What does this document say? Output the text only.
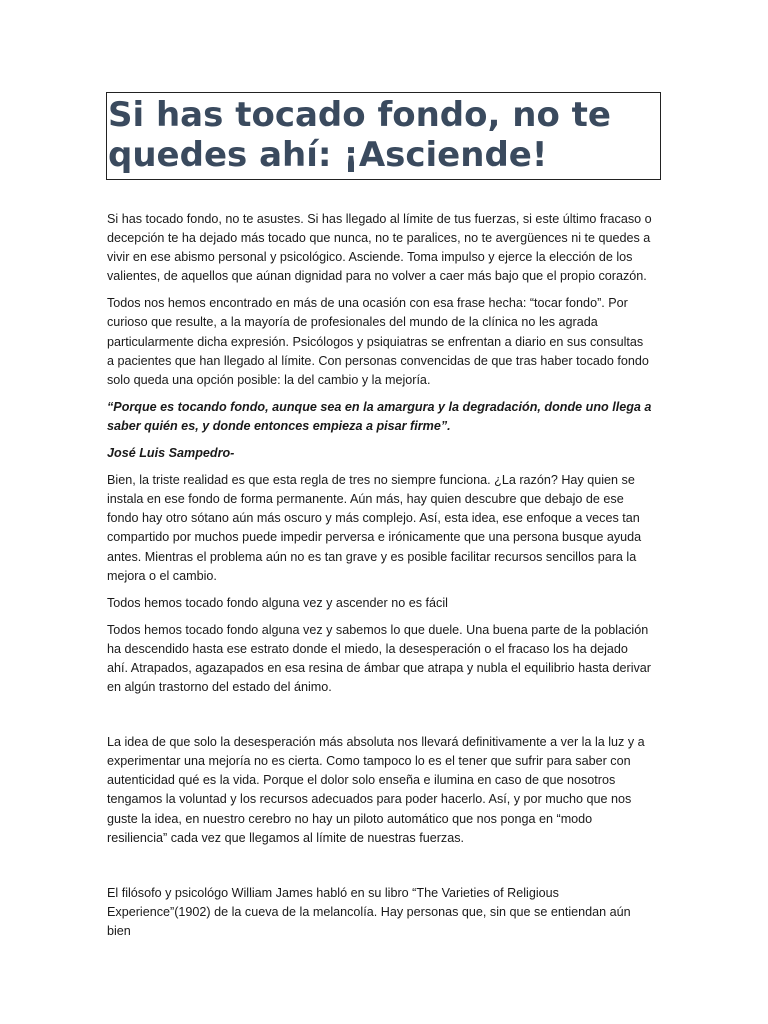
Si has tocado fondo, no te quedes ahí: ¡Asciende!

Si has tocado fondo, no te asustes. Si has llegado al límite de tus fuerzas, si este último fracaso o decepción te ha dejado más tocado que nunca, no te paralices, no te avergüences ni te quedes a vivir en ese abismo personal y psicológico. Asciende. Toma impulso y ejerce la elección de los valientes, de aquellos que aúnan dignidad para no volver a caer más bajo que el propio corazón.

Todos nos hemos encontrado en más de una ocasión con esa frase hecha: “tocar fondo”. Por curioso que resulte, a la mayoría de profesionales del mundo de la clínica no les agrada particularmente dicha expresión. Psicólogos y psiquiatras se enfrentan a diario en sus consultas a pacientes que han llegado al límite. Con personas convencidas de que tras haber tocado fondo solo queda una opción posible: la del cambio y la mejoría.

“Porque es tocando fondo, aunque sea en la amargura y la degradación, donde uno llega a saber quién es, y donde entonces empieza a pisar firme”.

José Luis Sampedro-

Bien, la triste realidad es que esta regla de tres no siempre funciona. ¿La razón? Hay quien se instala en ese fondo de forma permanente. Aún más, hay quien descubre que debajo de ese fondo hay otro sótano aún más oscuro y más complejo. Así, esta idea, ese enfoque a veces tan compartido por muchos puede impedir perversa e irónicamente que una persona busque ayuda antes. Mientras el problema aún no es tan grave y es posible facilitar recursos sencillos para la mejora o el cambio.

Todos hemos tocado fondo alguna vez y ascender no es fácil

Todos hemos tocado fondo alguna vez y sabemos lo que duele. Una buena parte de la población ha descendido hasta ese estrato donde el miedo, la desesperación o el fracaso los ha dejado ahí. Atrapados, agazapados en esa resina de ámbar que atrapa y nubla el equilibrio hasta derivar en algún trastorno del estado del ánimo.

La idea de que solo la desesperación más absoluta nos llevará definitivamente a ver la la luz y a experimentar una mejoría no es cierta. Como tampoco lo es el tener que sufrir para saber con autenticidad qué es la vida. Porque el dolor solo enseña e ilumina en caso de que nosotros tengamos la voluntad y los recursos adecuados para poder hacerlo. Así, y por mucho que nos guste la idea, en nuestro cerebro no hay un piloto automático que nos ponga en “modo resiliencia” cada vez que llegamos al límite de nuestras fuerzas.

El filósofo y psicológo William James habló en su libro “The Varieties of Religious Experience”(1902) de la cueva de la melancolía. Hay personas que, sin que se entiendan aún bien
